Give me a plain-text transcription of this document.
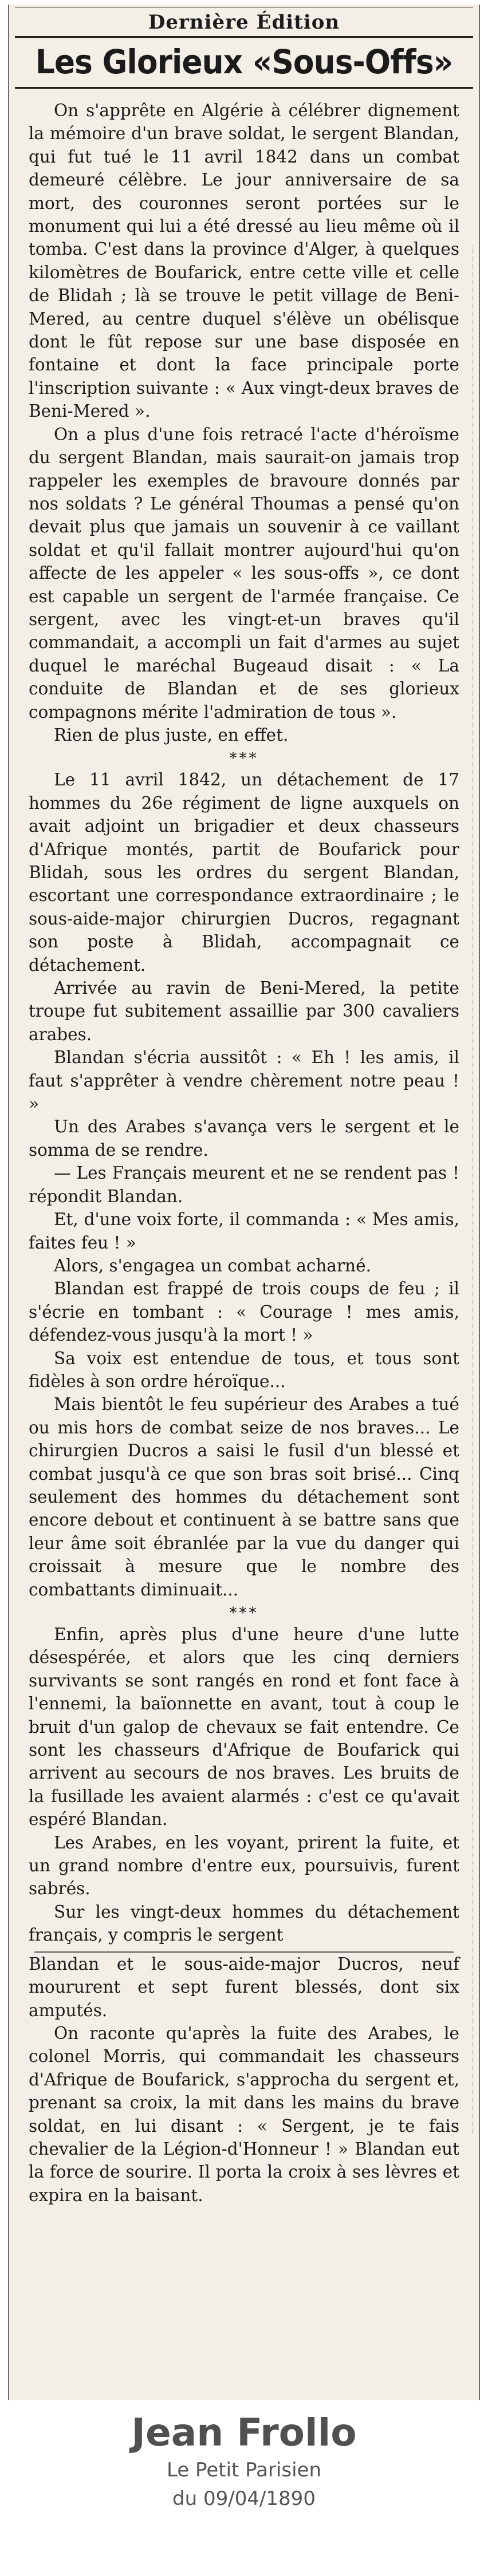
Dernière Édition
Les Glorieux «Sous-Offs»

On s'apprête en Algérie à célébrer dignement la mémoire d'un brave soldat, le sergent Blandan, qui fut tué le 11 avril 1842 dans un combat demeuré célèbre. Le jour anniversaire de sa mort, des couronnes seront portées sur le monument qui lui a été dressé au lieu même où il tomba. C'est dans la province d'Alger, à quelques kilomètres de Boufarick, entre cette ville et celle de Blidah ; là se trouve le petit village de Beni-Mered, au centre duquel s'élève un obélisque dont le fût repose sur une base disposée en fontaine et dont la face principale porte l'inscription suivante : « Aux vingt-deux braves de Beni-Mered ».

On a plus d'une fois retracé l'acte d'héroïsme du sergent Blandan, mais saurait-on jamais trop rappeler les exemples de bravoure donnés par nos soldats ? Le général Thoumas a pensé qu'on devait plus que jamais un souvenir à ce vaillant soldat et qu'il fallait montrer aujourd'hui qu'on affecte de les appeler « les sous-offs », ce dont est capable un sergent de l'armée française. Ce sergent, avec les vingt-et-un braves qu'il commandait, a accompli un fait d'armes au sujet duquel le maréchal Bugeaud disait : « La conduite de Blandan et de ses glorieux compagnons mérite l'admiration de tous ».

Rien de plus juste, en effet.

***

Le 11 avril 1842, un détachement de 17 hommes du 26e régiment de ligne auxquels on avait adjoint un brigadier et deux chasseurs d'Afrique montés, partit de Boufarick pour Blidah, sous les ordres du sergent Blandan, escortant une correspondance extraordinaire ; le sous-aide-major chirurgien Ducros, regagnant son poste à Blidah, accompagnait ce détachement.

Arrivée au ravin de Beni-Mered, la petite troupe fut subitement assaillie par 300 cavaliers arabes.

Blandan s'écria aussitôt : « Eh ! les amis, il faut s'apprêter à vendre chèrement notre peau ! »

Un des Arabes s'avança vers le sergent et le somma de se rendre.

— Les Français meurent et ne se rendent pas ! répondit Blandan.

Et, d'une voix forte, il commanda : « Mes amis, faites feu ! »

Alors, s'engagea un combat acharné.

Blandan est frappé de trois coups de feu ; il s'écrie en tombant : « Courage ! mes amis, défendez-vous jusqu'à la mort ! »

Sa voix est entendue de tous, et tous sont fidèles à son ordre héroïque...

Mais bientôt le feu supérieur des Arabes a tué ou mis hors de combat seize de nos braves... Le chirurgien Ducros a saisi le fusil d'un blessé et combat jusqu'à ce que son bras soit brisé... Cinq seulement des hommes du détachement sont encore debout et continuent à se battre sans que leur âme soit ébranlée par la vue du danger qui croissait à mesure que le nombre des combattants diminuait...

***

Enfin, après plus d'une heure d'une lutte désespérée, et alors que les cinq derniers survivants se sont rangés en rond et font face à l'ennemi, la baïonnette en avant, tout à coup le bruit d'un galop de chevaux se fait entendre. Ce sont les chasseurs d'Afrique de Boufarick qui arrivent au secours de nos braves. Les bruits de la fusillade les avaient alarmés : c'est ce qu'avait espéré Blandan.

Les Arabes, en les voyant, prirent la fuite, et un grand nombre d'entre eux, poursuivis, furent sabrés.

Sur les vingt-deux hommes du détachement français, y compris le sergent

Blandan et le sous-aide-major Ducros, neuf moururent et sept furent blessés, dont six amputés.

On raconte qu'après la fuite des Arabes, le colonel Morris, qui commandait les chasseurs d'Afrique de Boufarick, s'approcha du sergent et, prenant sa croix, la mit dans les mains du brave soldat, en lui disant : « Sergent, je te fais chevalier de la Légion-d'Honneur ! » Blandan eut la force de sourire. Il porta la croix à ses lèvres et expira en la baisant.

Jean Frollo
Le Petit Parisien
du 09/04/1890
